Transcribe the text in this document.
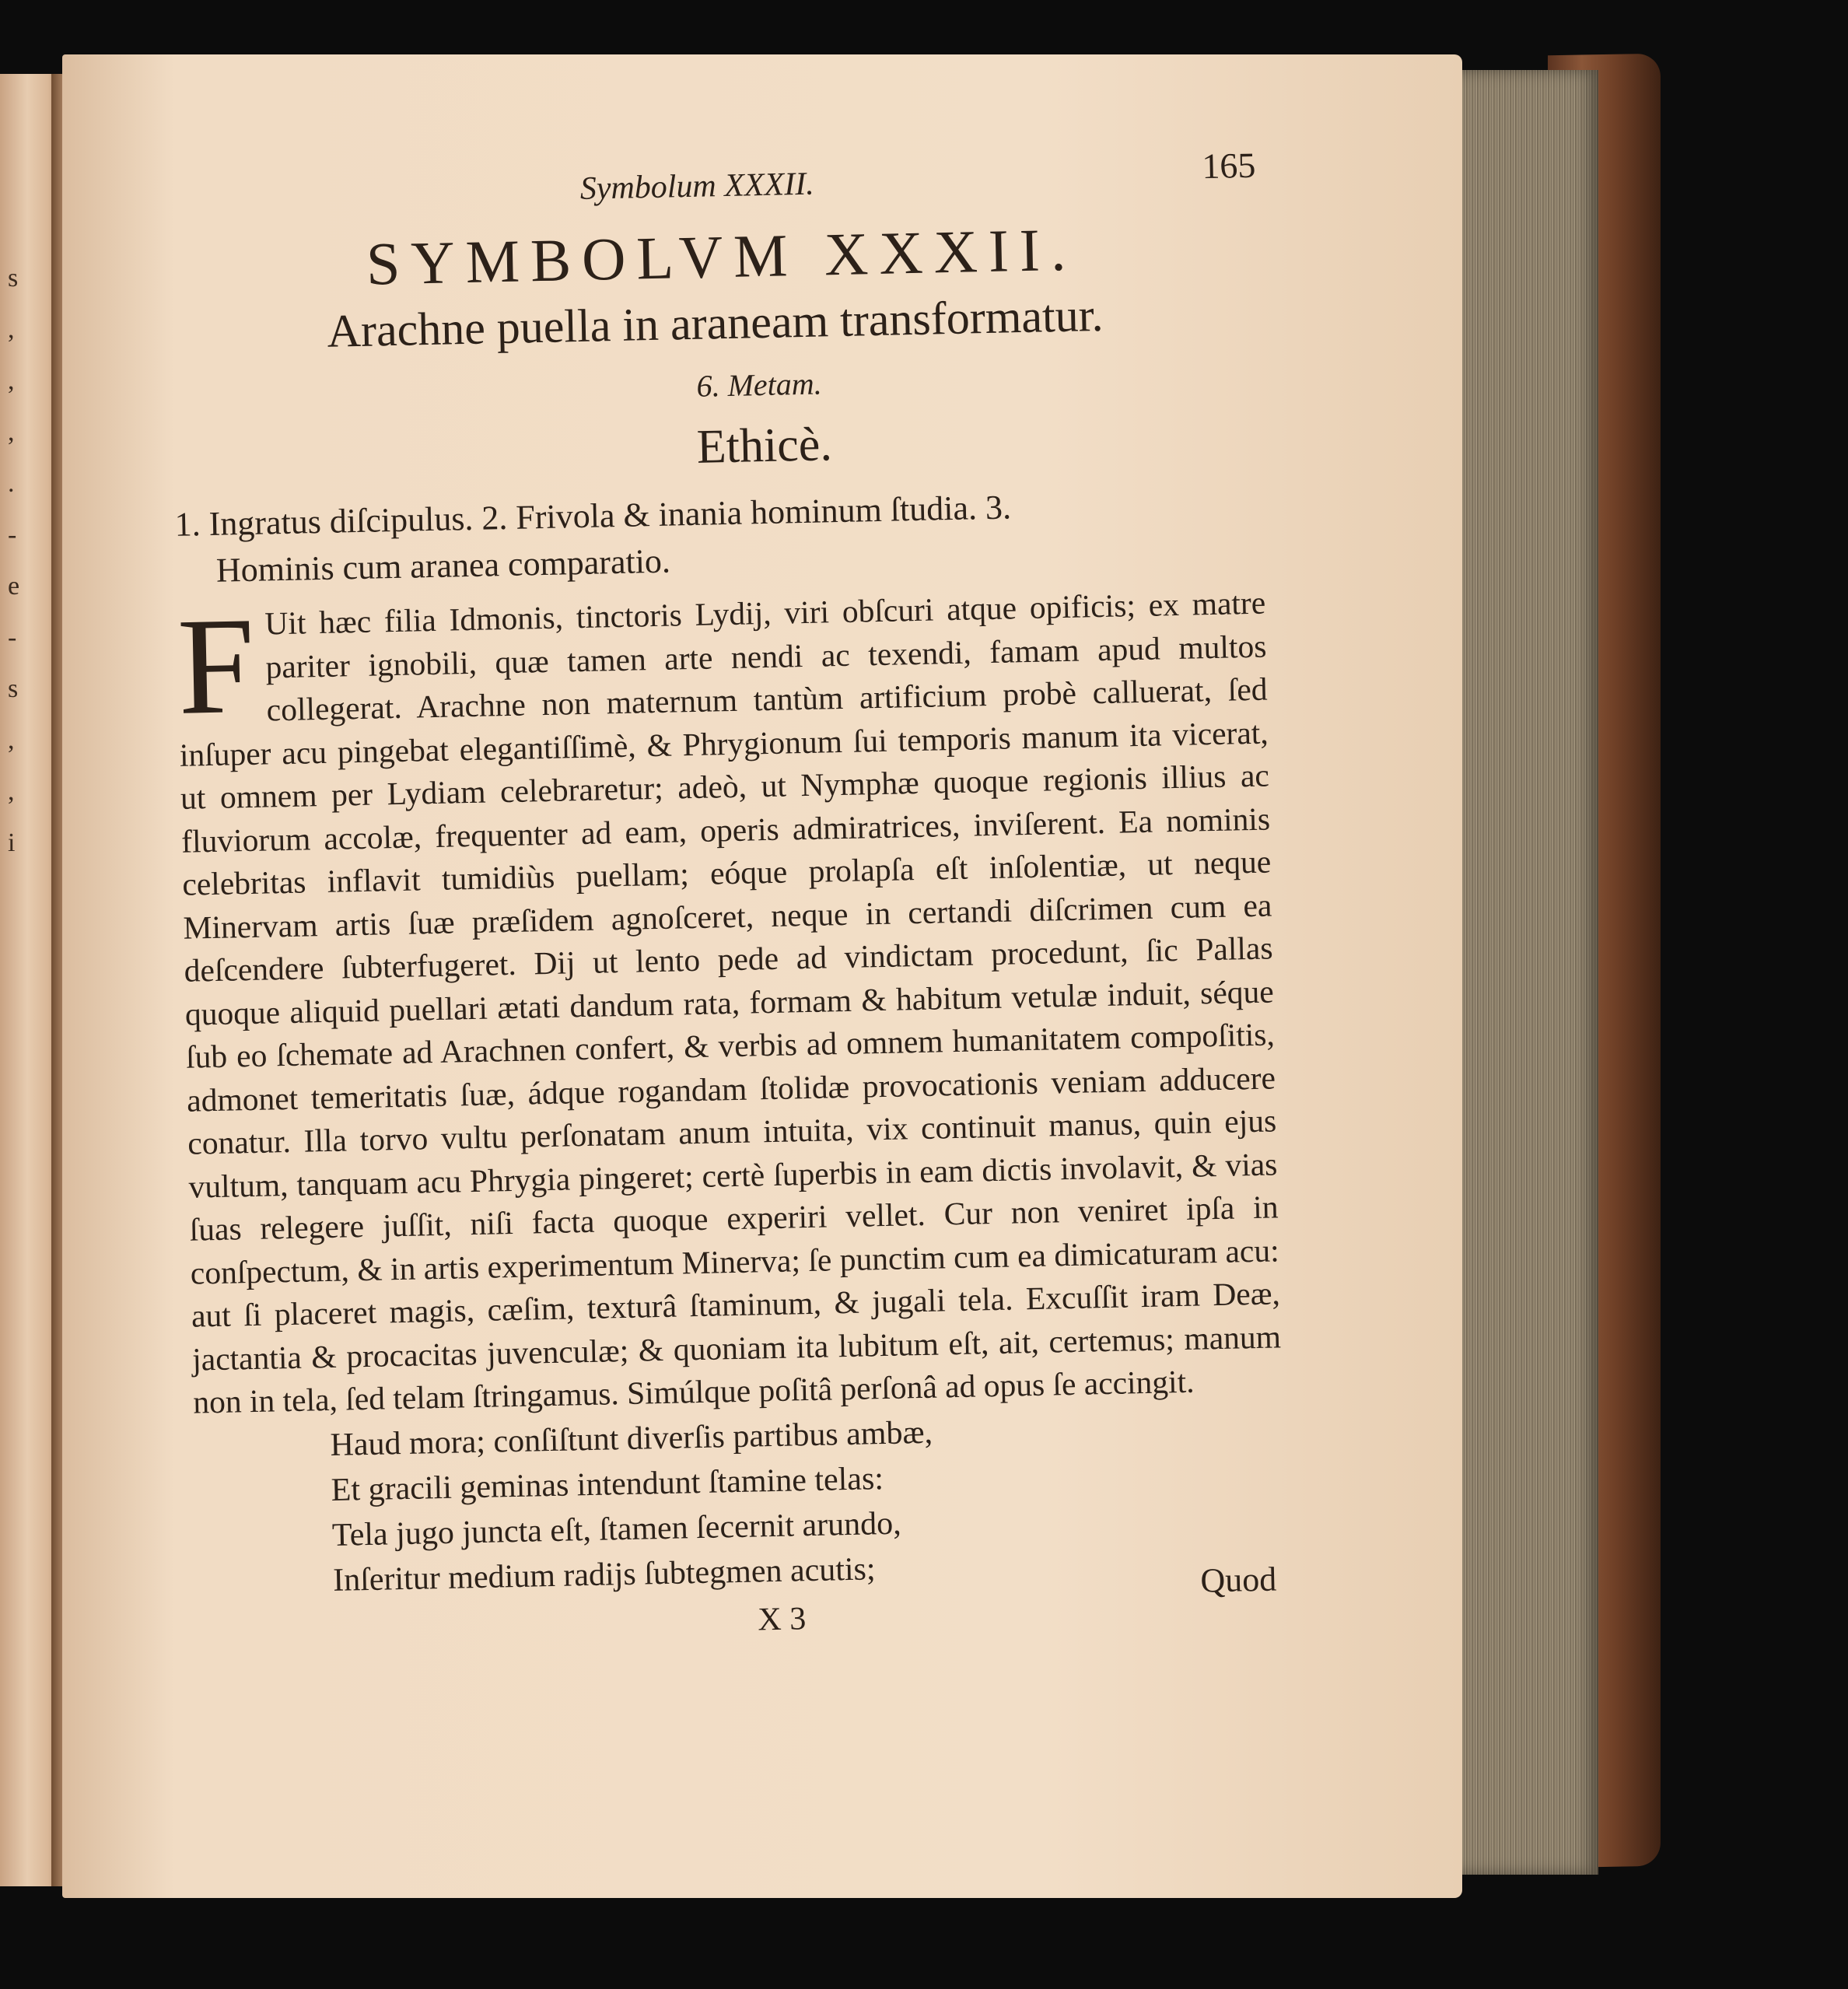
s
,
,
,
.
-
e
-
s
,
,
i
Symbolum XXXII.
165
SYMBOLVM XXXII.
Arachne puella in araneam transformatur.
6. Metam.
Ethicè.
1. Ingratus diſcipulus. 2. Frivola & inania hominum ſtudia. 3.
Hominis cum aranea comparatio.
F Uit hæc filia Idmonis, tinctoris Lydij, viri obſcuri atque opificis; ex matre pariter ignobili, quæ tamen arte nendi ac texendi, famam apud multos collegerat. Arachne non maternum tantùm artificium probè calluerat, ſed inſuper acu pingebat elegantiſſimè, & Phrygionum ſui temporis manum ita vicerat, ut omnem per Lydiam celebraretur; adeò, ut Nymphæ quoque regionis illius ac fluviorum accolæ, frequenter ad eam, operis admiratrices, inviſerent. Ea nominis celebritas inflavit tumidiùs puellam; eóque prolapſa eſt inſolentiæ, ut neque Minervam artis ſuæ præſidem agnoſceret, neque in certandi diſcrimen cum ea deſcendere ſubterfugeret. Dij ut lento pede ad vindictam procedunt, ſic Pallas quoque aliquid puellari ætati dandum rata, formam & habitum vetulæ induit, séque ſub eo ſchemate ad Arachnen confert, & verbis ad omnem humanitatem compoſitis, admonet temeritatis ſuæ, ádque rogandam ſtolidæ provocationis veniam adducere conatur. Illa torvo vultu perſonatam anum intuita, vix continuit manus, quin ejus vultum, tanquam acu Phrygia pingeret; certè ſuperbis in eam dictis involavit, & vias ſuas relegere juſſit, niſi facta quoque experiri vellet. Cur non veniret ipſa in conſpectum, & in artis experimentum Minerva; ſe punctim cum ea dimicaturam acu: aut ſi placeret magis, cæſim, texturâ ſtaminum, & jugali tela. Excuſſit iram Deæ, jactantia & procacitas juvenculæ; & quoniam ita lubitum eſt, ait, certemus; manum non in tela, ſed telam ſtringamus. Simúlque poſitâ perſonâ ad opus ſe accingit.
Haud mora; conſiſtunt diverſis partibus ambæ,
Et gracili geminas intendunt ſtamine telas:
Tela jugo juncta eſt, ſtamen ſecernit arundo,
Inſeritur medium radijs ſubtegmen acutis;
X 3
Quod
